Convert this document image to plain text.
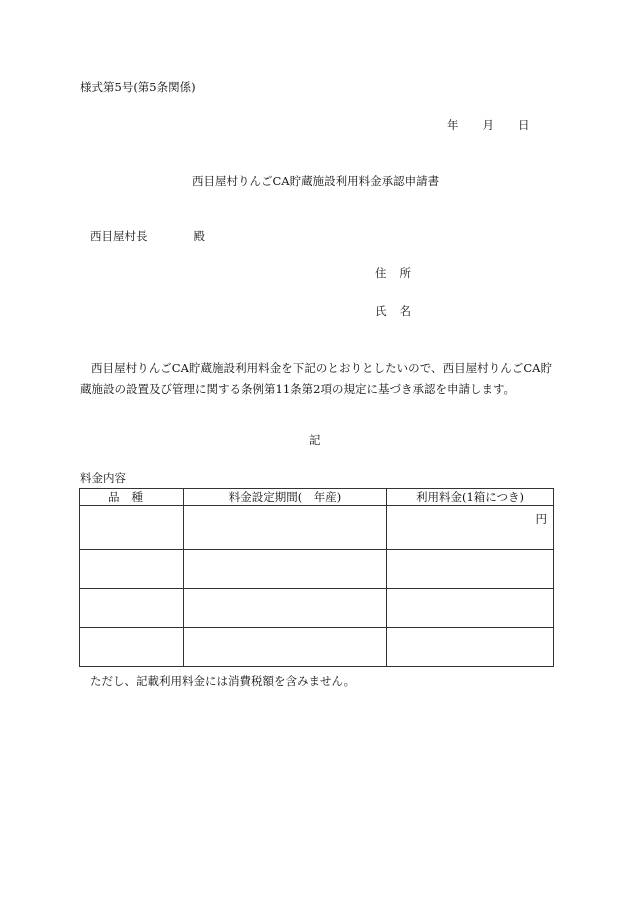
様式第5号(第5条関係)
年 月 日
西目屋村りんごCA貯蔵施設利用料金承認申請書
西目屋村長	殿
住所
氏名
西目屋村りんごCA貯蔵施設利用料金を下記のとおりとしたいので、西目屋村りんごCA貯蔵施設の設置及び管理に関する条例第11条第2項の規定に基づき承認を申請します。
記
料金内容
品種	料金設定期間(　年産)	利用料金(1箱につき)
		円

ただし、記載利用料金には消費税額を含みません。
